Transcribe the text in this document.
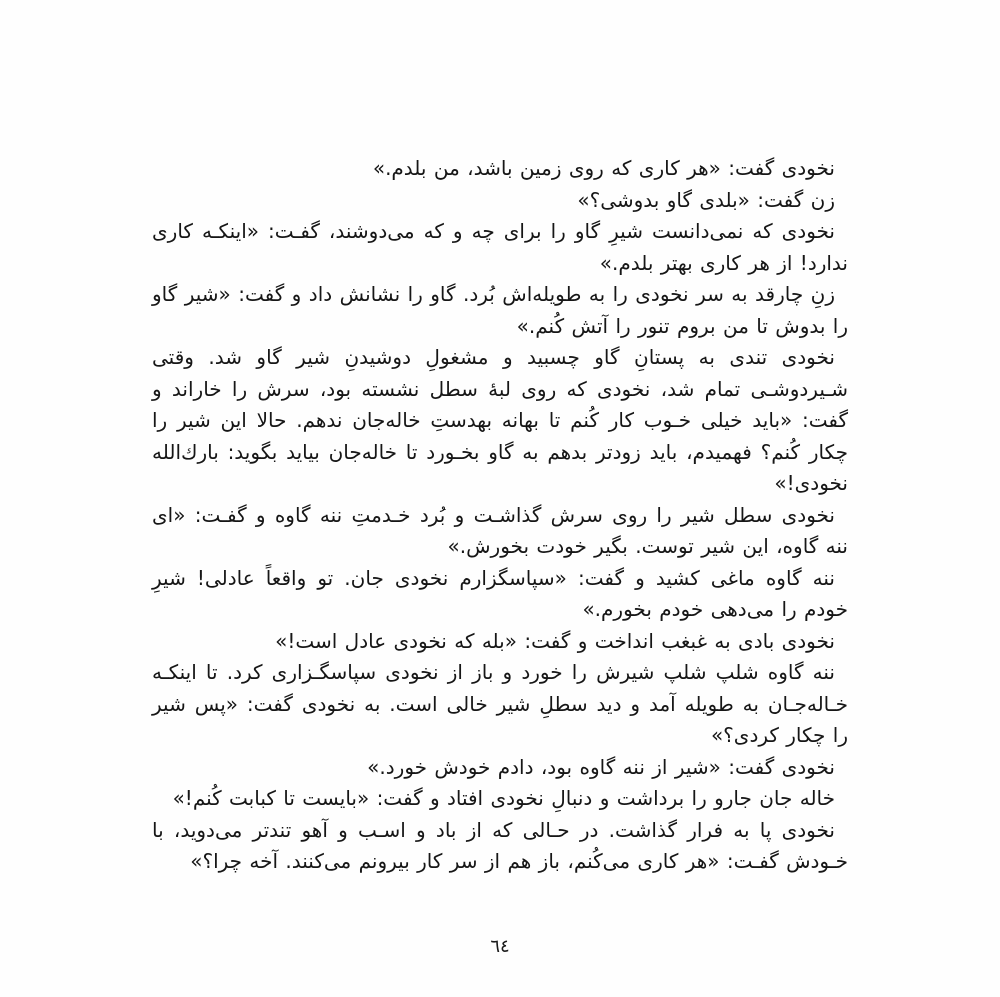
نخودی گفت: «هر کاری که روی زمین باشد، من بلدم.»

زن گفت: «بلدی گاو بدوشی؟»

نخودی که نمی‌دانست شیرِ گاو را برای چه و که می‌دوشند، گفـت: «اینکـه کاری ندارد! از هر کاری بهتر بلدم.»

زنِ چارقد به سر نخودی را به طویله‌اش بُرد. گاو را نشانش داد و گفت: «شیر گاو را بدوش تا من بروم تنور را آتش کُنم.»

نخودی تندی به پستانِ گاو چسبید و مشغولِ دوشیدنِ شیر گاو شد. وقتی شـیردوشـی تمام شد، نخودی که روی لبهٔ سطل نشسته بود، سرش را خاراند و گفت: «باید خیلی خـوب کار کُنم تا بهانه بهدستِ خاله‌جان ندهم. حالا این شیر را چکار کُنم؟ فهمیدم، باید زودتر بدهم به گاو بخـورد تا خاله‌جان بیاید بگوید: بارك‌الله نخودی!»

نخودی سطل شیر را روی سرش گذاشـت و بُرد خـدمتِ ننه گاوه و گفـت: «ای ننه گاوه، این شیر توست. بگیر خودت بخورش.»

ننه گاوه ماغی کشید و گفت: «سپاسگزارم نخودی جان. تو واقعاً عادلی! شیرِ خودم را می‌دهی خودم بخورم.»

نخودی بادی به غبغب انداخت و گفت: «بله که نخودی عادل است!»

ننه گاوه شلپ شلپ شیرش را خورد و باز از نخودی سپاسگـزاری کرد. تا اینکـه خـاله‌جـان به طویله آمد و دید سطلِ شیر خالی است. به نخودی گفت: «پس شیر را چکار کردی؟»

نخودی گفت: «شیر از ننه گاوه بود، دادم خودش خورد.»

خاله جان جارو را برداشت و دنبالِ نخودی افتاد و گفت: «بایست تا کبابت کُنم!»

نخودی پا به فرار گذاشت. در حـالی که از باد و اسـب و آهو تندتر می‌دوید، با خـودش گفـت: «هر کاری می‌کُنم، باز هم از سر کار بیرونم می‌کنند. آخه چرا؟»

٦٤
